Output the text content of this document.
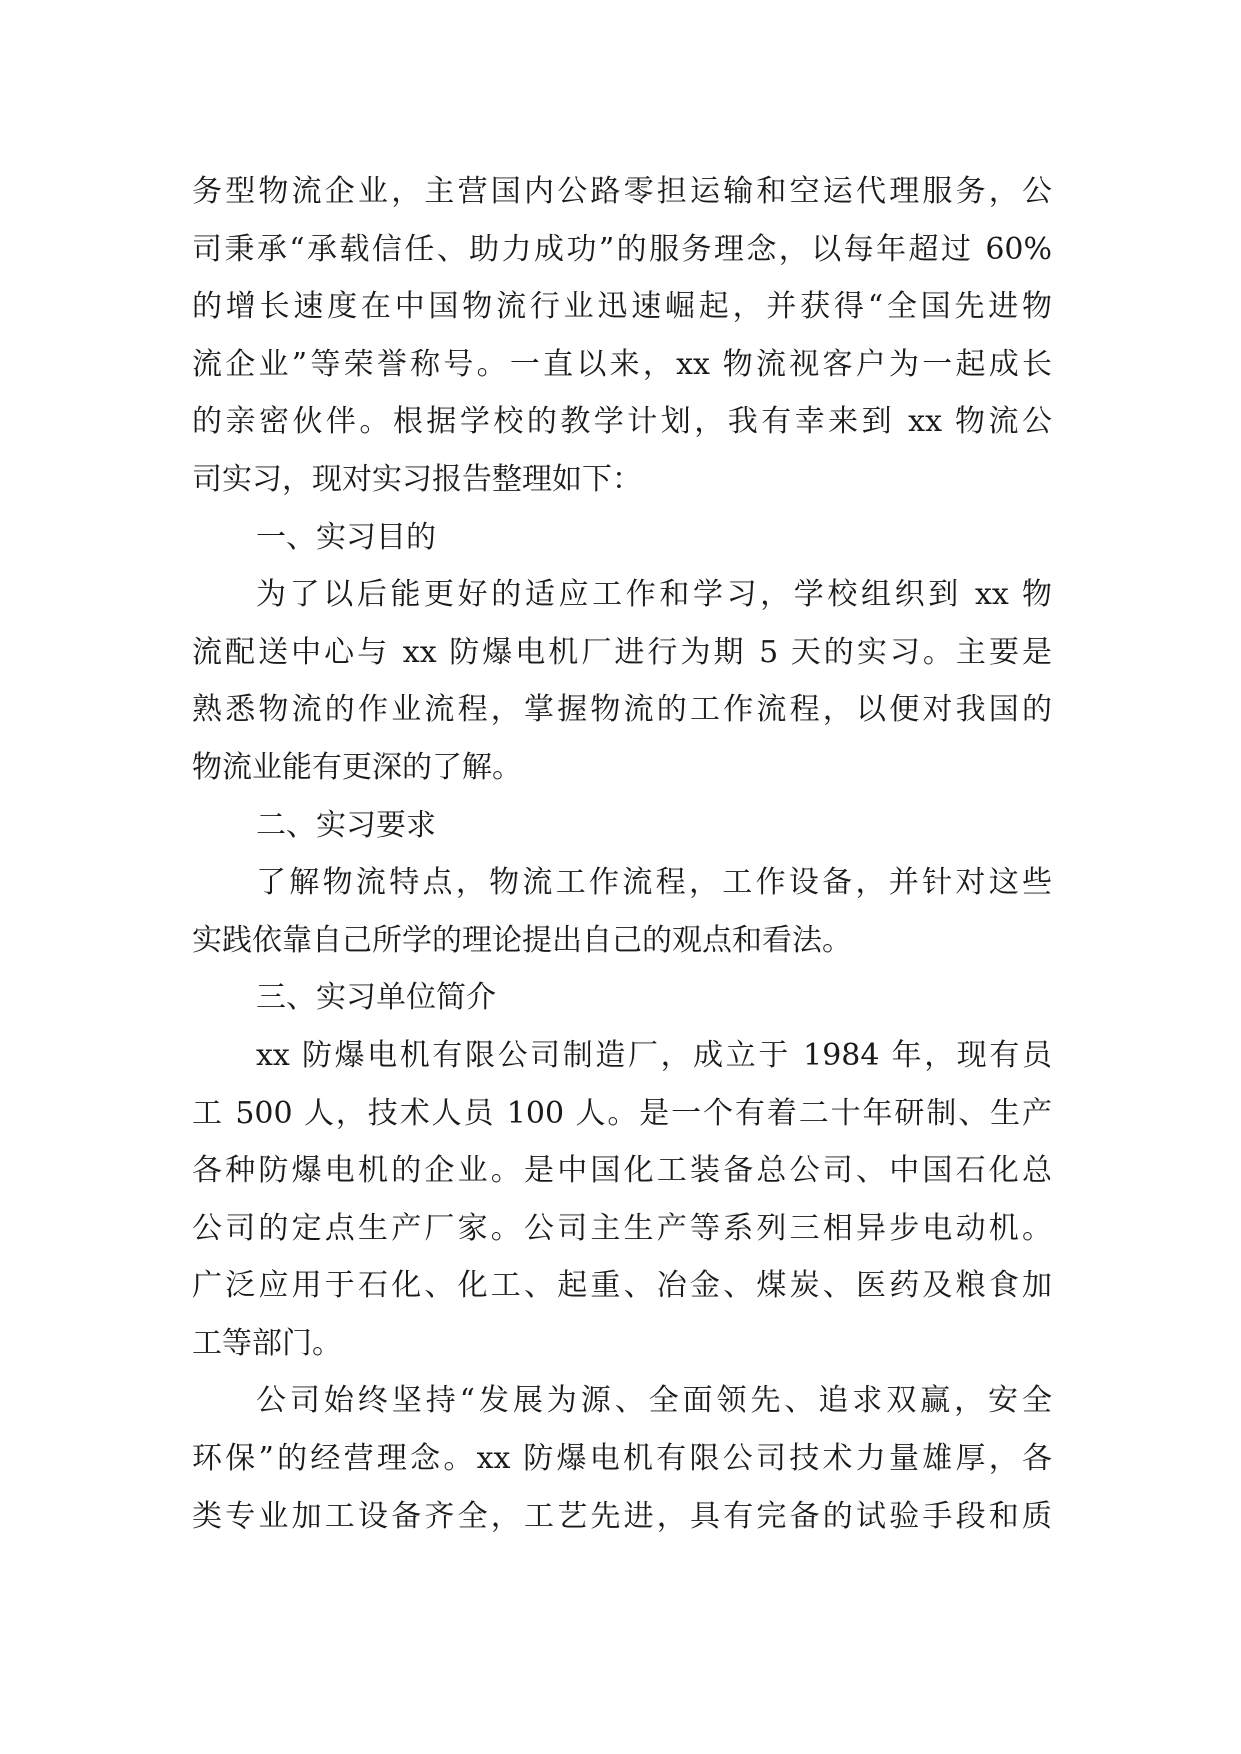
务型物流企业，主营国内公路零担运输和空运代理服务，公
司秉承“承载信任、助力成功”的服务理念，以每年超过 60%
的增长速度在中国物流行业迅速崛起，并获得“全国先进物
流企业”等荣誉称号。一直以来，xx 物流视客户为一起成长
的亲密伙伴。根据学校的教学计划，我有幸来到 xx 物流公
司实习，现对实习报告整理如下：
一、实习目的
为了以后能更好的适应工作和学习，学校组织到 xx 物
流配送中心与 xx 防爆电机厂进行为期 5 天的实习。主要是
熟悉物流的作业流程，掌握物流的工作流程，以便对我国的
物流业能有更深的了解。
二、实习要求
了解物流特点，物流工作流程，工作设备，并针对这些
实践依靠自己所学的理论提出自己的观点和看法。
三、实习单位简介
xx 防爆电机有限公司制造厂，成立于 1984 年，现有员
工 500 人，技术人员 100 人。是一个有着二十年研制、生产
各种防爆电机的企业。是中国化工装备总公司、中国石化总
公司的定点生产厂家。公司主生产等系列三相异步电动机。
广泛应用于石化、化工、起重、冶金、煤炭、医药及粮食加
工等部门。
公司始终坚持“发展为源、全面领先、追求双赢，安全
环保”的经营理念。xx 防爆电机有限公司技术力量雄厚，各
类专业加工设备齐全，工艺先进，具有完备的试验手段和质
